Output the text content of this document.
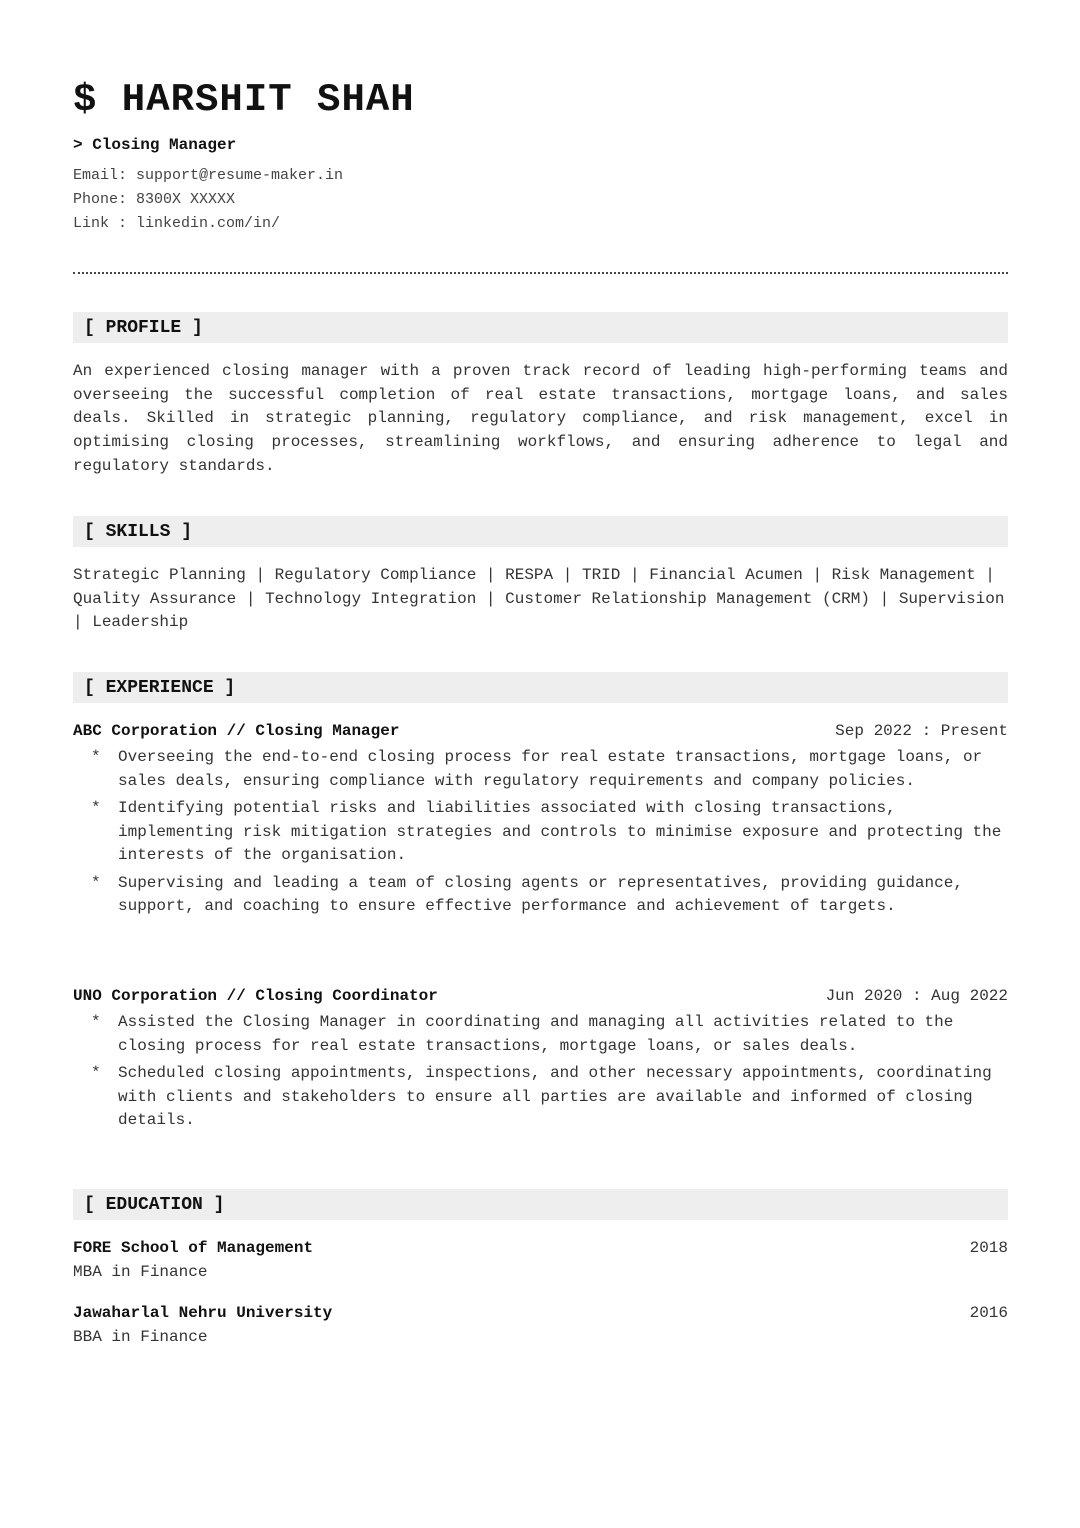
$ HARSHIT SHAH
> Closing Manager
Email: support@resume-maker.in
Phone: 8300X XXXXX
Link : linkedin.com/in/
[ PROFILE ]

An experienced closing manager with a proven track record of leading high-performing teams and overseeing the successful completion of real estate transactions, mortgage loans, and sales deals. Skilled in strategic planning, regulatory compliance, and risk management, excel in optimising closing processes, streamlining workflows, and ensuring adherence to legal and regulatory standards.

[ SKILLS ]

Strategic Planning | Regulatory Compliance | RESPA | TRID | Financial Acumen | Risk Management | Quality Assurance | Technology Integration | Customer Relationship Management (CRM) | Supervision | Leadership

[ EXPERIENCE ]
ABC Corporation // Closing Manager	Sep 2022 : Present
* Overseeing the end-to-end closing process for real estate transactions, mortgage loans, or sales deals, ensuring compliance with regulatory requirements and company policies.
* Identifying potential risks and liabilities associated with closing transactions, implementing risk mitigation strategies and controls to minimise exposure and protecting the interests of the organisation.
* Supervising and leading a team of closing agents or representatives, providing guidance, support, and coaching to ensure effective performance and achievement of targets.
UNO Corporation // Closing Coordinator	Jun 2020 : Aug 2022
* Assisted the Closing Manager in coordinating and managing all activities related to the closing process for real estate transactions, mortgage loans, or sales deals.
* Scheduled closing appointments, inspections, and other necessary appointments, coordinating with clients and stakeholders to ensure all parties are available and informed of closing details.
[ EDUCATION ]
FORE School of Management	2018
MBA in Finance
Jawaharlal Nehru University	2016
BBA in Finance
